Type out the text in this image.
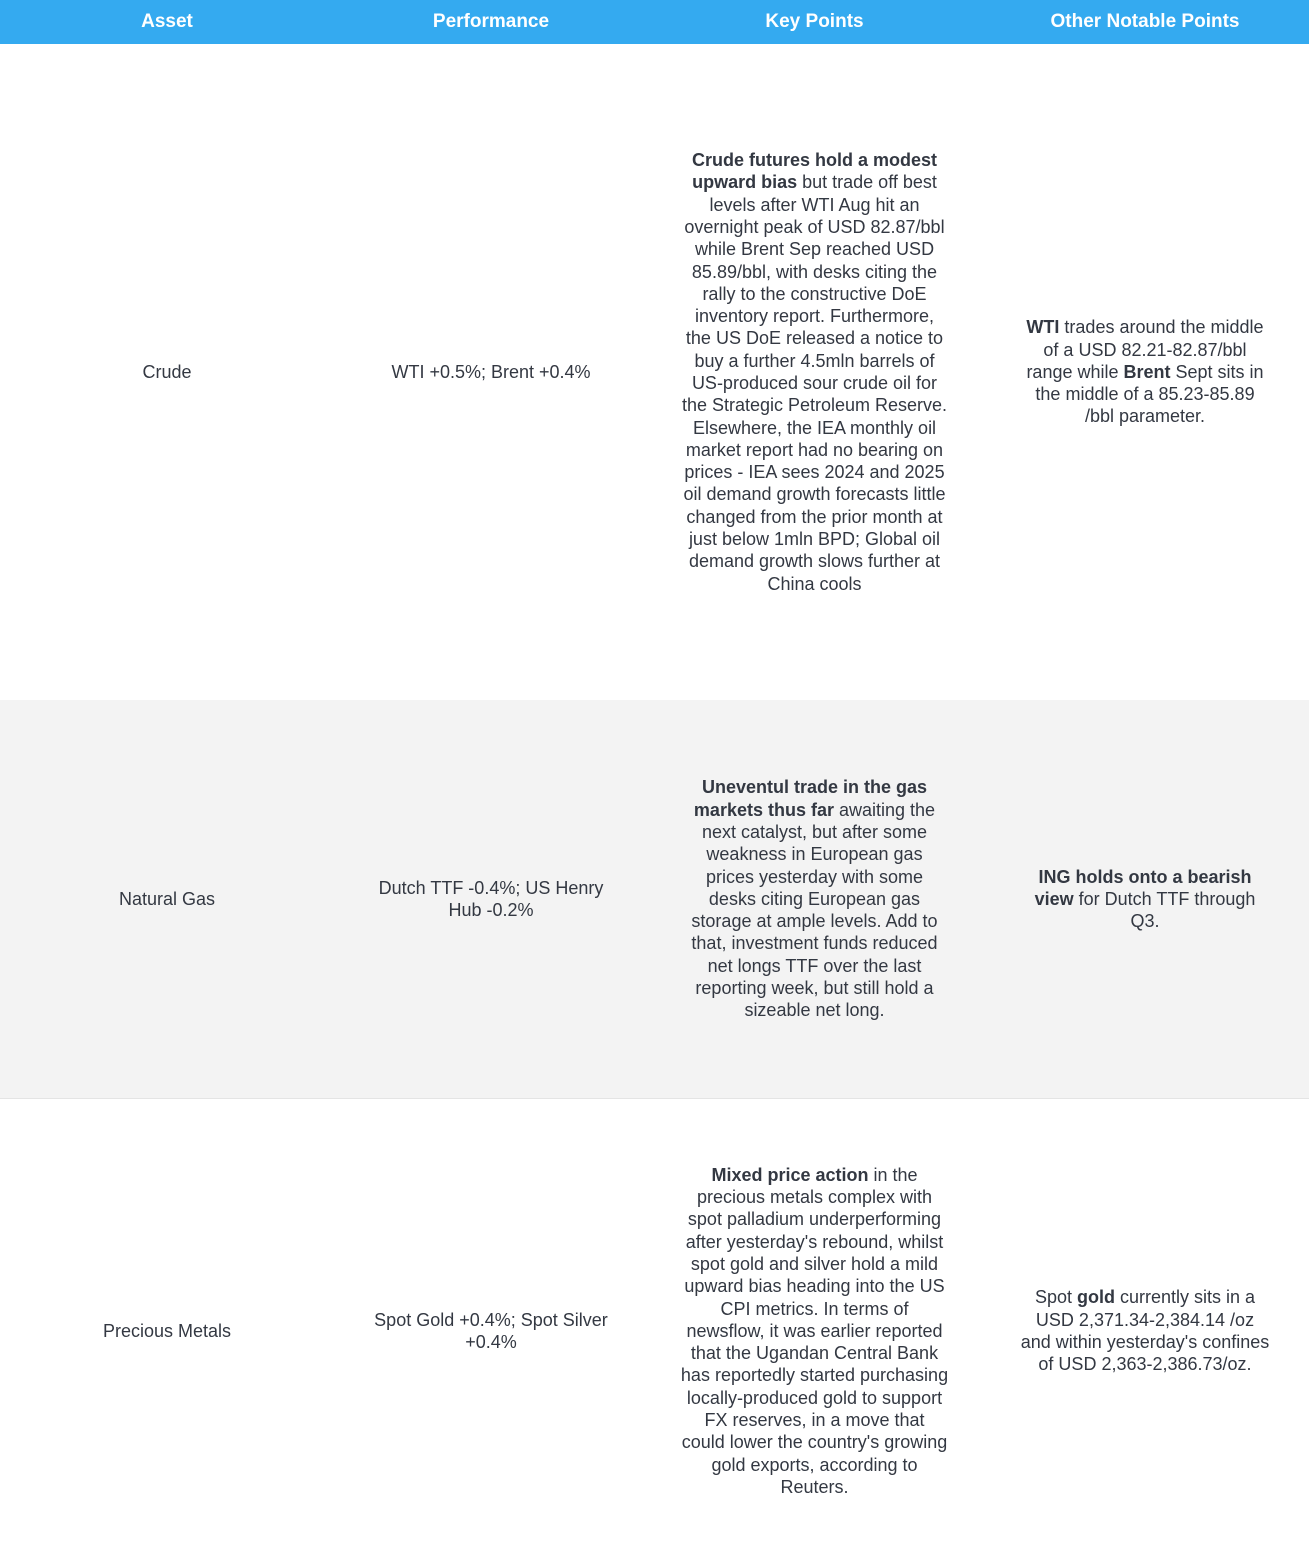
Asset	Performance	Key Points	Other Notable Points
Crude	WTI +0.5%; Brent +0.4%	Crude futures hold a modest upward bias but trade off best levels after WTI Aug hit an overnight peak of USD 82.87/bbl while Brent Sep reached USD 85.89/bbl, with desks citing the rally to the constructive DoE inventory report. Furthermore, the US DoE released a notice to buy a further 4.5mln barrels of US-produced sour crude oil for the Strategic Petroleum Reserve. Elsewhere, the IEA monthly oil market report had no bearing on prices - IEA sees 2024 and 2025 oil demand growth forecasts little changed from the prior month at just below 1mln BPD; Global oil demand growth slows further at China cools	WTI trades around the middle of a USD 82.21-82.87/bbl range while Brent Sept sits in the middle of a 85.23-85.89 /bbl parameter.
Natural Gas	Dutch TTF -0.4%; US Henry Hub -0.2%	Uneventul trade in the gas markets thus far awaiting the next catalyst, but after some weakness in European gas prices yesterday with some desks citing European gas storage at ample levels. Add to that, investment funds reduced net longs TTF over the last reporting week, but still hold a sizeable net long.	ING holds onto a bearish view for Dutch TTF through Q3.
Precious Metals	Spot Gold +0.4%; Spot Silver +0.4%	Mixed price action in the precious metals complex with spot palladium underperforming after yesterday's rebound, whilst spot gold and silver hold a mild upward bias heading into the US CPI metrics. In terms of newsflow, it was earlier reported that the Ugandan Central Bank has reportedly started purchasing locally-produced gold to support FX reserves, in a move that could lower the country's growing gold exports, according to Reuters.	Spot gold currently sits in a USD 2,371.34-2,384.14 /oz and within yesterday's confines of USD 2,363-2,386.73/oz.
